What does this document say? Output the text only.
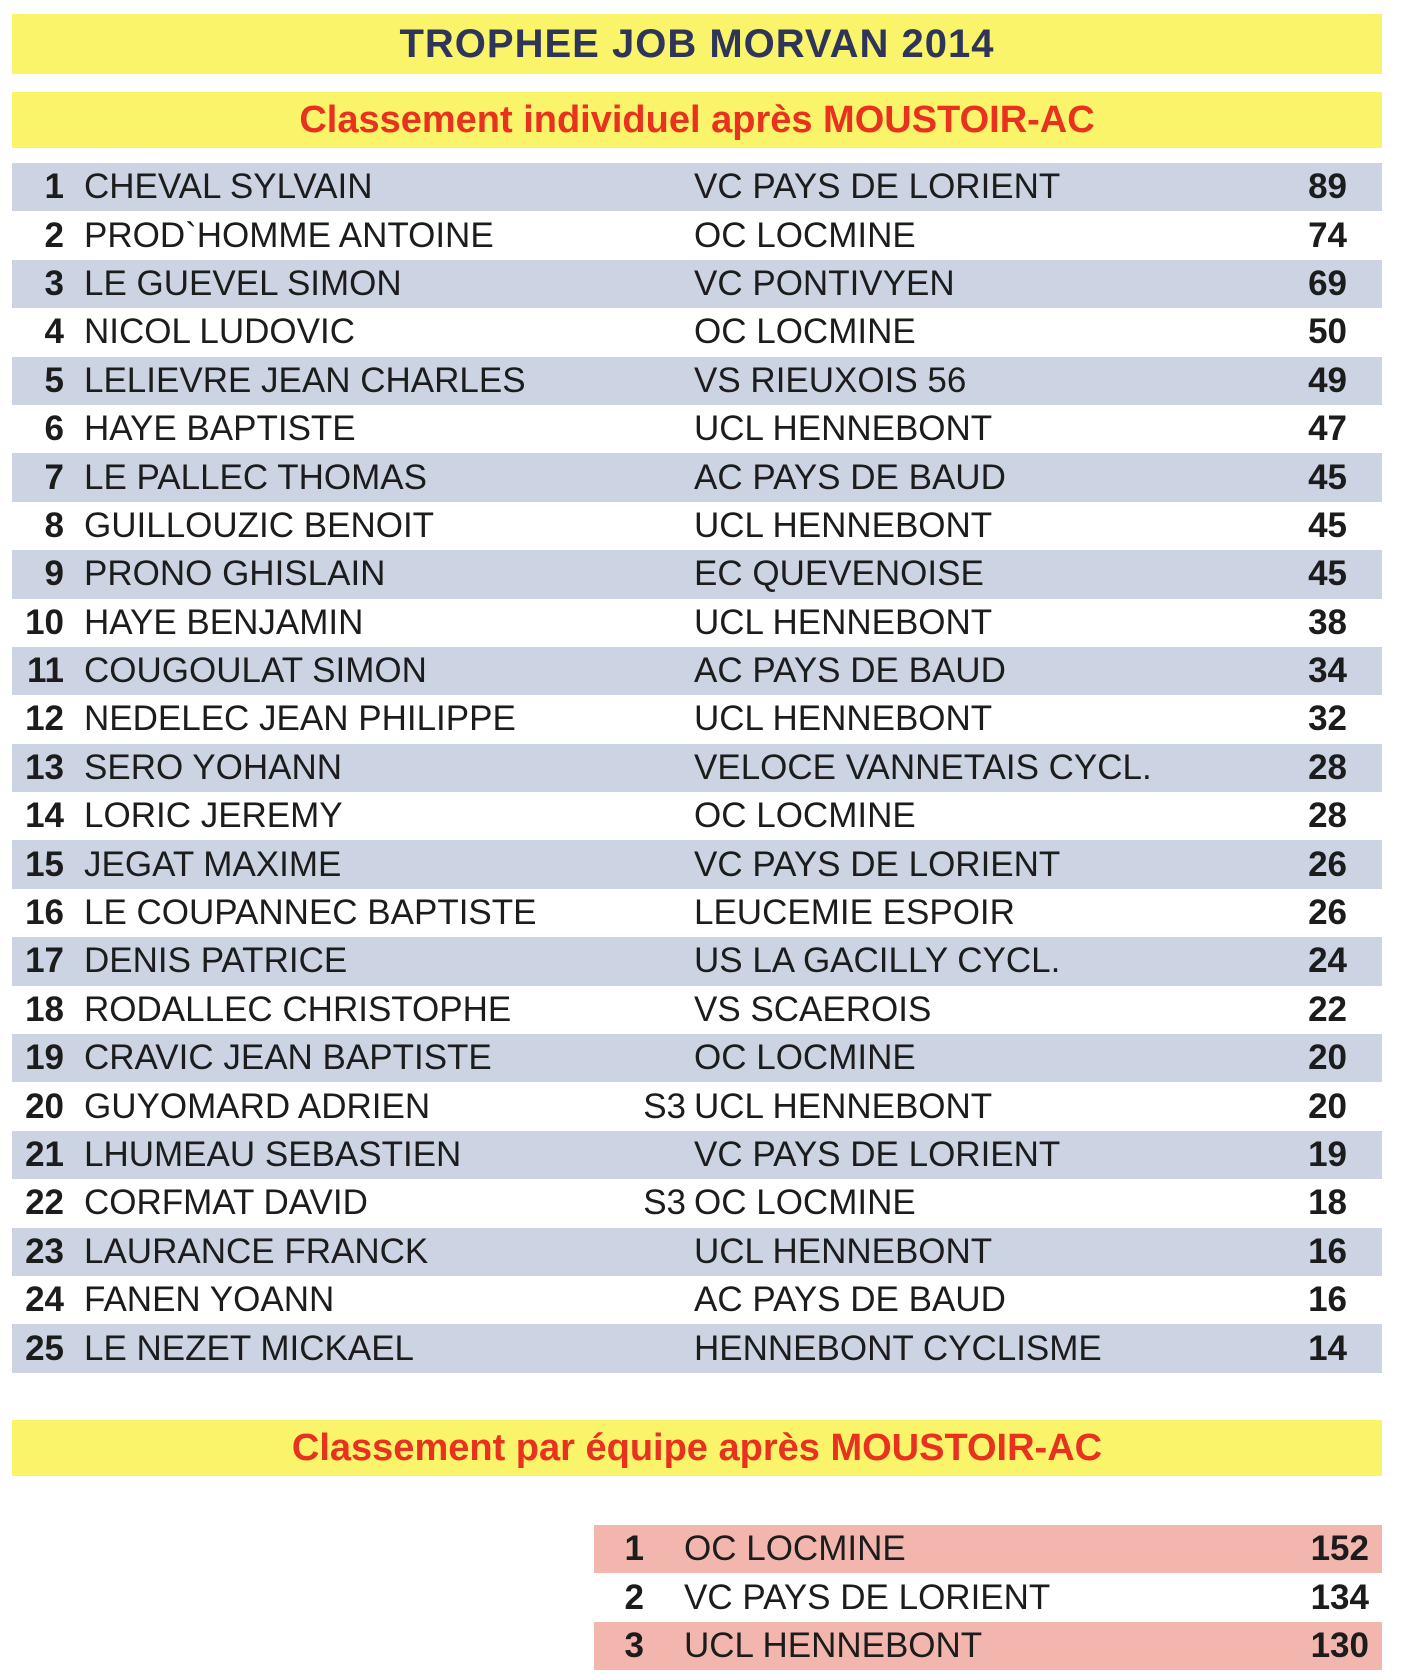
TROPHEE JOB MORVAN 2014
Classement individuel après MOUSTOIR-AC
1 CHEVAL SYLVAIN	VC PAYS DE LORIENT	89
2 PROD`HOMME ANTOINE	OC LOCMINE	74
3 LE GUEVEL SIMON	VC PONTIVYEN	69
4 NICOL LUDOVIC	OC LOCMINE	50
5 LELIEVRE JEAN CHARLES	VS RIEUXOIS 56	49
6 HAYE BAPTISTE	UCL HENNEBONT	47
7 LE PALLEC THOMAS	AC PAYS DE BAUD	45
8 GUILLOUZIC BENOIT	UCL HENNEBONT	45
9 PRONO GHISLAIN	EC QUEVENOISE	45
10 HAYE BENJAMIN	UCL HENNEBONT	38
11 COUGOULAT SIMON	AC PAYS DE BAUD	34
12 NEDELEC JEAN PHILIPPE	UCL HENNEBONT	32
13 SERO YOHANN	VELOCE VANNETAIS CYCL.	28
14 LORIC JEREMY	OC LOCMINE	28
15 JEGAT MAXIME	VC PAYS DE LORIENT	26
16 LE COUPANNEC BAPTISTE	LEUCEMIE ESPOIR	26
17 DENIS PATRICE	US LA GACILLY CYCL.	24
18 RODALLEC CHRISTOPHE	VS SCAEROIS	22
19 CRAVIC JEAN BAPTISTE	OC LOCMINE	20
20 GUYOMARD ADRIEN	S3 UCL HENNEBONT	20
21 LHUMEAU SEBASTIEN	VC PAYS DE LORIENT	19
22 CORFMAT DAVID	S3 OC LOCMINE	18
23 LAURANCE FRANCK	UCL HENNEBONT	16
24 FANEN YOANN	AC PAYS DE BAUD	16
25 LE NEZET MICKAEL	HENNEBONT CYCLISME	14
Classement par équipe après MOUSTOIR-AC
1	OC LOCMINE	152
2	VC PAYS DE LORIENT	134
3	UCL HENNEBONT	130
